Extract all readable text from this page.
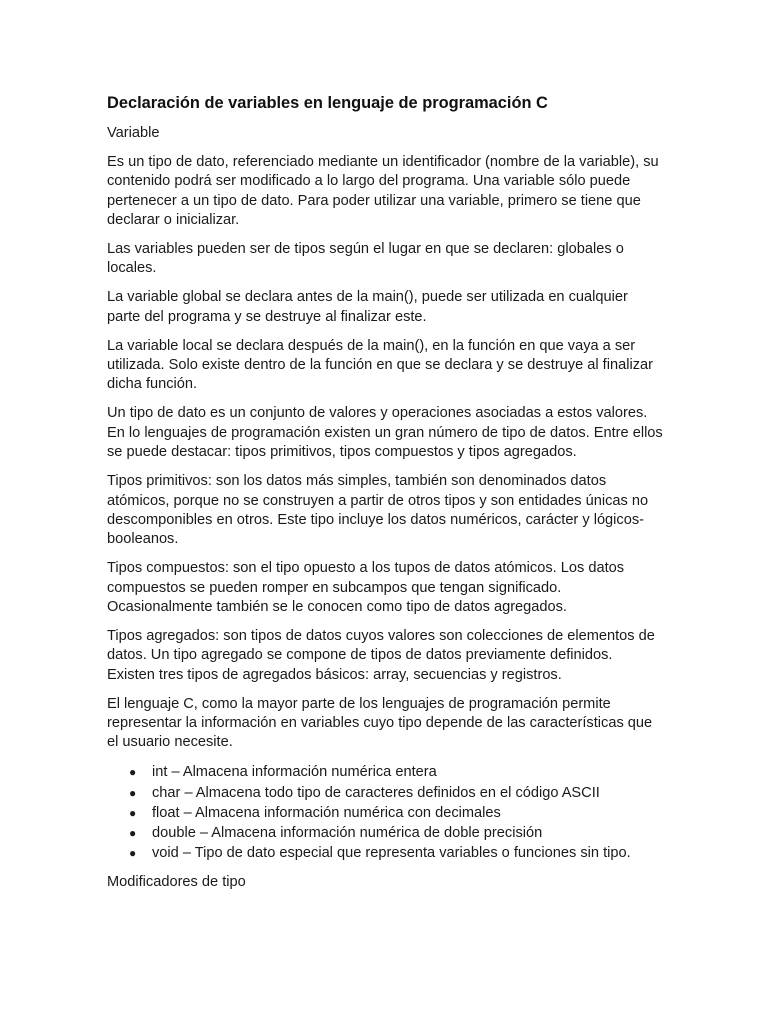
Declaración de variables en lenguaje de programación C

Variable

Es un tipo de dato, referenciado mediante un identificador (nombre de la variable), su contenido podrá ser modificado a lo largo del programa. Una variable sólo puede pertenecer a un tipo de dato. Para poder utilizar una variable, primero se tiene que declarar o inicializar.

Las variables pueden ser de tipos según el lugar en que se declaren: globales o locales.

La variable global se declara antes de la main(), puede ser utilizada en cualquier parte del programa y se destruye al finalizar este.

La variable local se declara después de la main(), en la función en que vaya a ser utilizada. Solo existe dentro de la función en que se declara y se destruye al finalizar dicha función.

Un tipo de dato es un conjunto de valores y operaciones asociadas a estos valores. En lo lenguajes de programación existen un gran número de tipo de datos. Entre ellos se puede destacar: tipos primitivos, tipos compuestos y tipos agregados.

Tipos primitivos: son los datos más simples, también son denominados datos atómicos, porque no se construyen a partir de otros tipos y son entidades únicas no descomponibles en otros. Este tipo incluye los datos numéricos, carácter y lógicos-booleanos.

Tipos compuestos: son el tipo opuesto a los tupos de datos atómicos. Los datos compuestos se pueden romper en subcampos que tengan significado. Ocasionalmente también se le conocen como tipo de datos agregados.

Tipos agregados: son tipos de datos cuyos valores son colecciones de elementos de datos. Un tipo agregado se compone de tipos de datos previamente definidos. Existen tres tipos de agregados básicos: array, secuencias y registros.

El lenguaje C, como la mayor parte de los lenguajes de programación permite representar la información en variables cuyo tipo depende de las características que el usuario necesite.

● int – Almacena información numérica entera
● char – Almacena todo tipo de caracteres definidos en el código ASCII
● float – Almacena información numérica con decimales
● double – Almacena información numérica de doble precisión
● void – Tipo de dato especial que representa variables o funciones sin tipo.

Modificadores de tipo
